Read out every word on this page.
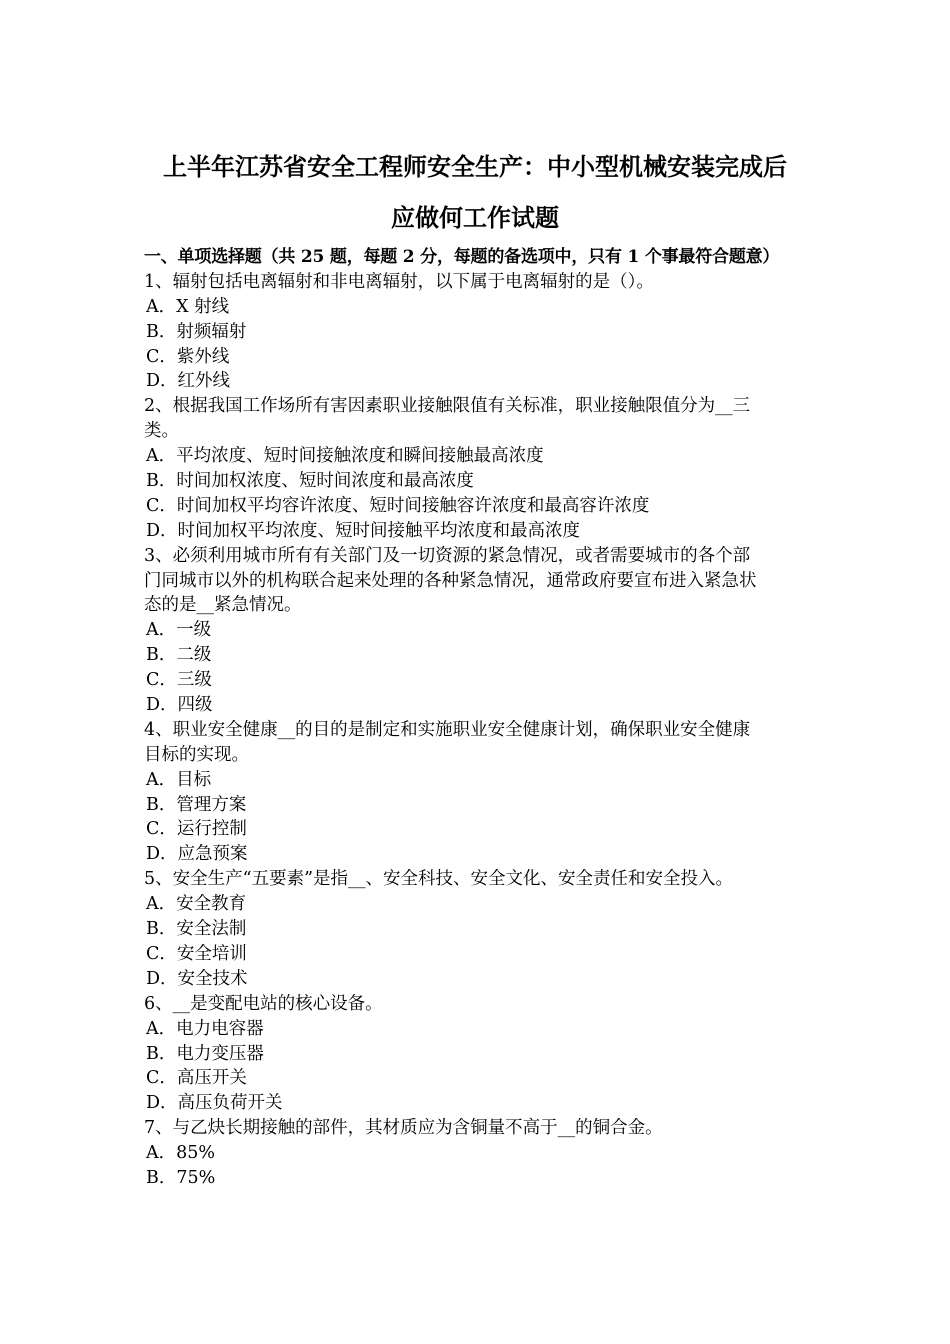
上半年江苏省安全工程师安全生产：中小型机械安装完成后
应做何工作试题
一、单项选择题（共 25 题，每题 2 分，每题的备选项中，只有 1 个事最符合题意）
1、辐射包括电离辐射和非电离辐射，以下属于电离辐射的是（）。
A．X 射线
B．射频辐射
C．紫外线
D．红外线
2、根据我国工作场所有害因素职业接触限值有关标准，职业接触限值分为__三
类。
A．平均浓度、短时间接触浓度和瞬间接触最高浓度
B．时间加权浓度、短时间浓度和最高浓度
C．时间加权平均容许浓度、短时间接触容许浓度和最高容许浓度
D．时间加权平均浓度、短时间接触平均浓度和最高浓度
3、必须利用城市所有有关部门及一切资源的紧急情况，或者需要城市的各个部
门同城市以外的机构联合起来处理的各种紧急情况，通常政府要宣布进入紧急状
态的是__紧急情况。
A．一级
B．二级
C．三级
D．四级
4、职业安全健康__的目的是制定和实施职业安全健康计划，确保职业安全健康
目标的实现。
A．目标
B．管理方案
C．运行控制
D．应急预案
5、安全生产“五要素”是指__、安全科技、安全文化、安全责任和安全投入。
A．安全教育
B．安全法制
C．安全培训
D．安全技术
6、__是变配电站的核心设备。
A．电力电容器
B．电力变压器
C．高压开关
D．高压负荷开关
7、与乙炔长期接触的部件，其材质应为含铜量不高于__的铜合金。
A．85%
B．75%
